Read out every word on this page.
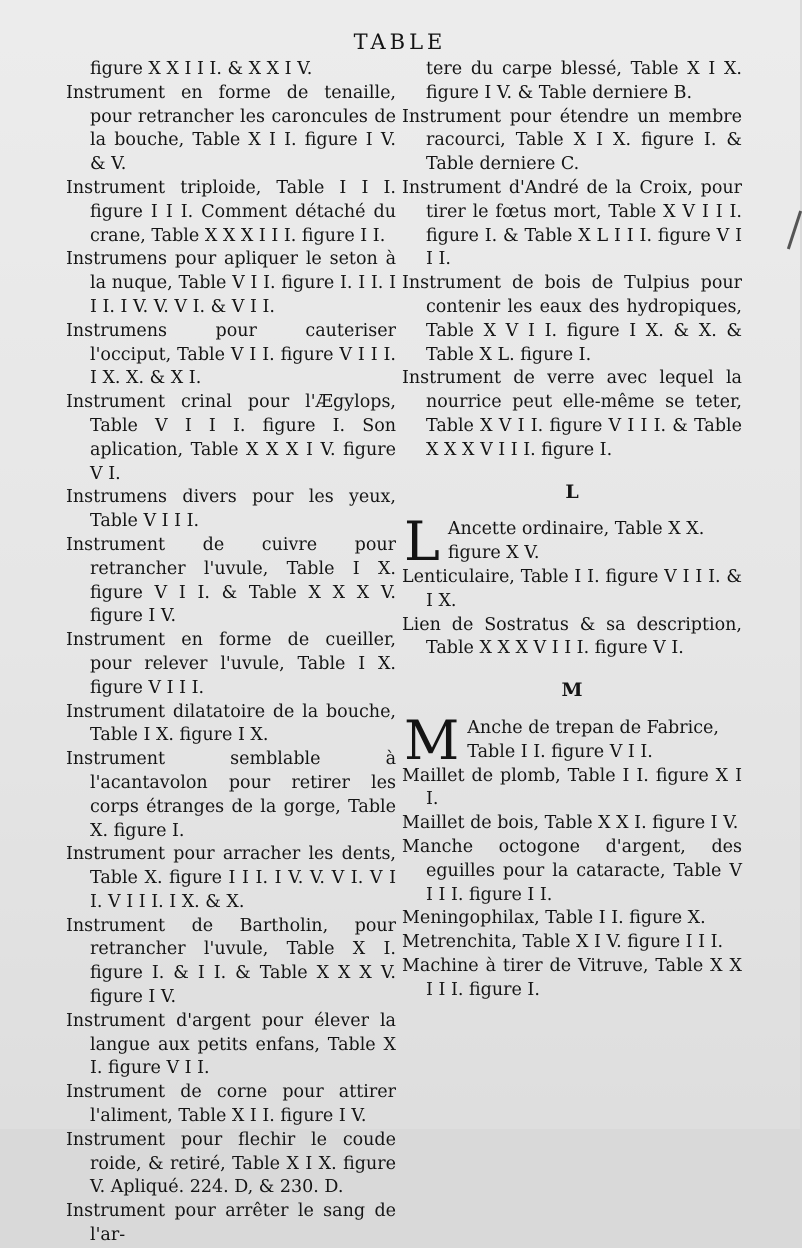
TABLE

figure X X I I I. & X X I V.

Instrument en forme de tenaille, pour retrancher les caroncules de la bouche, Table X I I. figure I V. & V.

Instrument triploide, Table I I I. figure I I I. Comment détaché du crane, Table X X X I I I. figure I I.

Instrumens pour apliquer le seton à la nuque, Table V I I. figure I. I I. I I I. I V. V. V I. & V I I.

Instrumens pour cauteriser l'occiput, Table V I I. figure V I I I. I X. X. & X I.

Instrument crinal pour l'Ægylops, Table V I I I. figure I. Son aplication, Table X X X I V. figure V I.

Instrumens divers pour les yeux, Table V I I I.

Instrument de cuivre pour retrancher l'uvule, Table I X. figure V I I. & Table X X X V. figure I V.

Instrument en forme de cueiller, pour relever l'uvule, Table I X. figure V I I I.

Instrument dilatatoire de la bouche, Table I X. figure I X.

Instrument semblable à l'acantavolon pour retirer les corps étranges de la gorge, Table X. figure I.

Instrument pour arracher les dents, Table X. figure I I I. I V. V. V I. V I I. V I I I. I X. & X.

Instrument de Bartholin, pour retrancher l'uvule, Table X I. figure I. & I I. & Table X X X V. figure I V.

Instrument d'argent pour élever la langue aux petits enfans, Table X I. figure V I I.

Instrument de corne pour attirer l'aliment, Table X I I. figure I V.

Instrument pour flechir le coude roide, & retiré, Table X I X. figure V. Apliqué. 224. D, & 230. D.

Instrument pour arrêter le sang de l'ar-

tere du carpe blessé, Table X I X. figure I V. & Table derniere B.

Instrument pour étendre un membre racourci, Table X I X. figure I. & Table derniere C.

Instrument d'André de la Croix, pour tirer le fœtus mort, Table X V I I I. figure I. & Table X L I I I. figure V I I I.

Instrument de bois de Tulpius pour contenir les eaux des hydropiques, Table X V I I. figure I X. & X. & Table X L. figure I.

Instrument de verre avec lequel la nourrice peut elle-même se teter, Table X V I I. figure V I I I. & Table X X X V I I I. figure I.

L

L Ancette ordinaire, Table X X. figure X V.

Lenticulaire, Table I I. figure V I I I. & I X.

Lien de Sostratus & sa description, Table X X X V I I I. figure V I.

M

M Anche de trepan de Fabrice, Table I I. figure V I I.

Maillet de plomb, Table I I. figure X I I.

Maillet de bois, Table X X I. figure I V.

Manche octogone d'argent, des eguilles pour la cataracte, Table V I I I. figure I I.

Meningophilax, Table I I. figure X.

Metrenchita, Table X I V. figure I I I.

Machine à tirer de Vitruve, Table X X I I I. figure I.
